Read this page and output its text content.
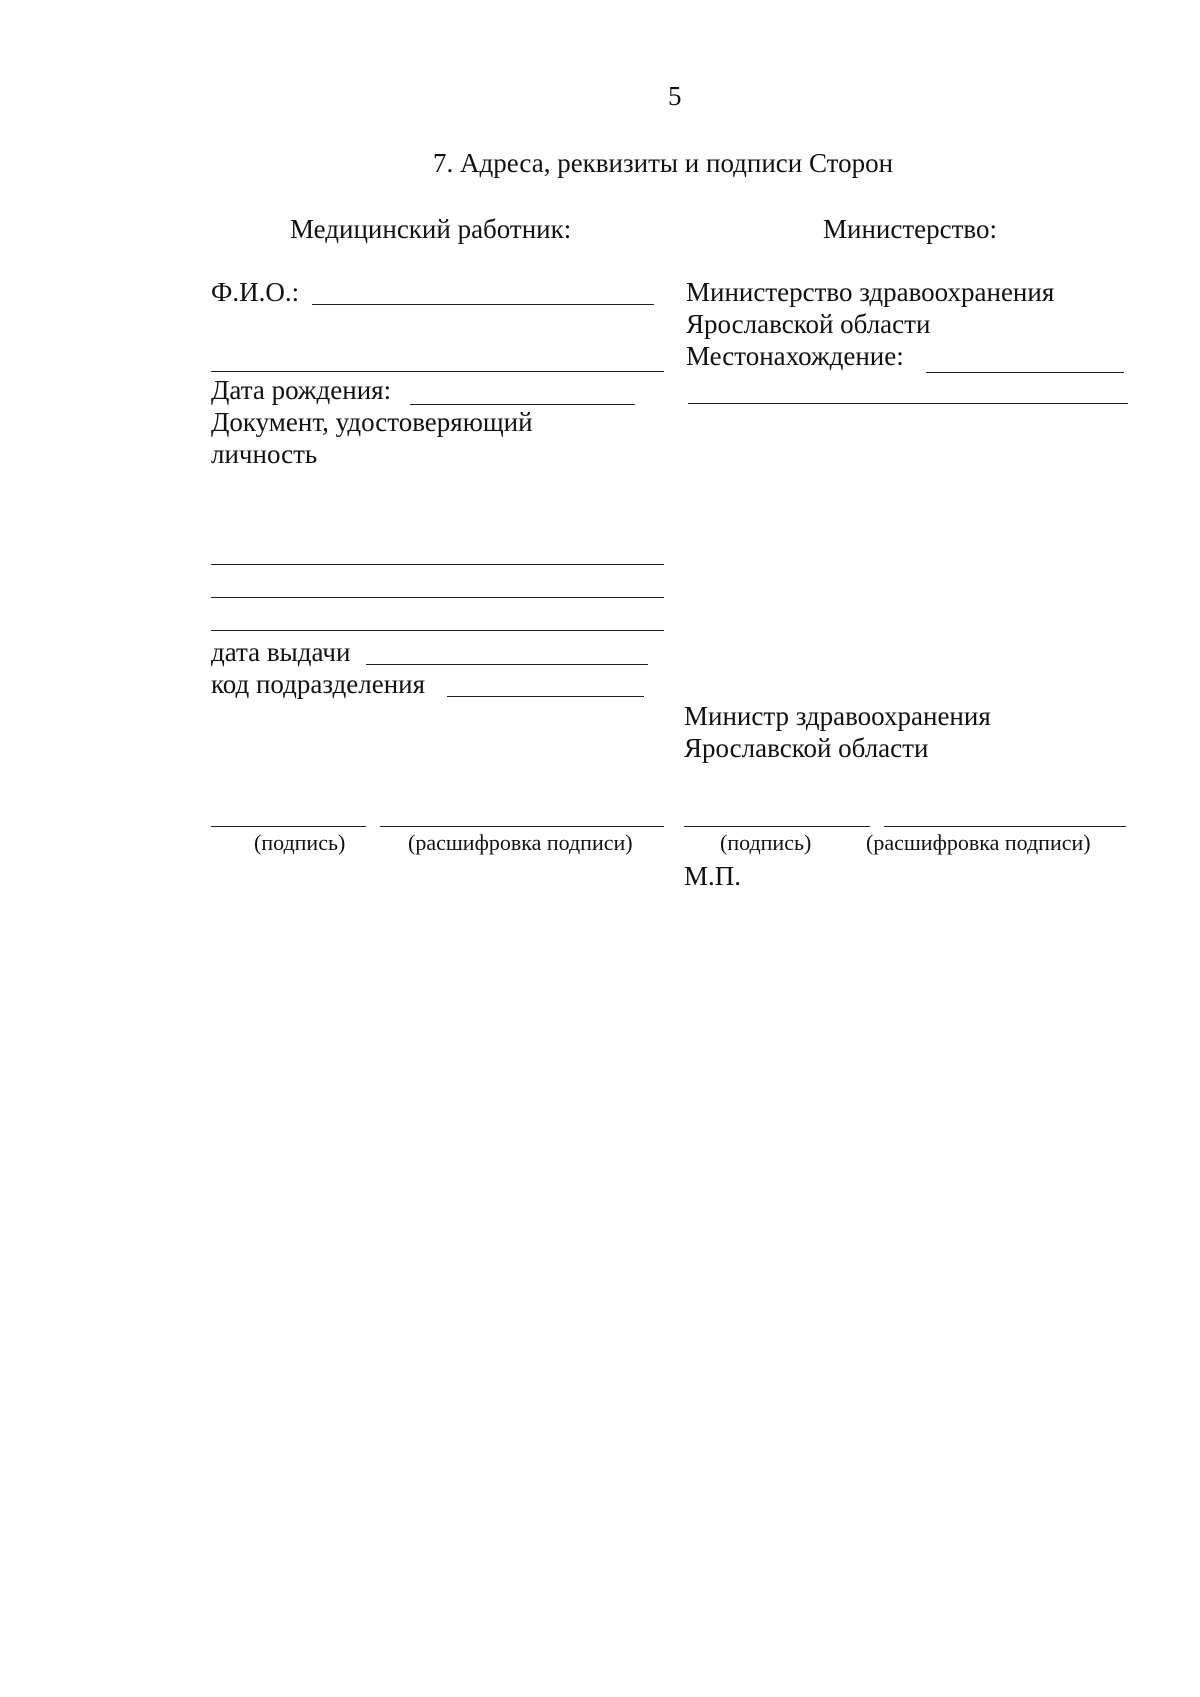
5
7. Адреса, реквизиты и подписи Сторон
Медицинский работник:
Ф.И.О.:
Дата рождения:
Документ, удостоверяющий
личность
дата выдачи
код подразделения
(подпись)	(расшифровка подписи)
Министерство:
Министерство здравоохранения
Ярославской области
Местонахождение:
Министр здравоохранения
Ярославской области
(подпись) (расшифровка подписи)
М.П.
